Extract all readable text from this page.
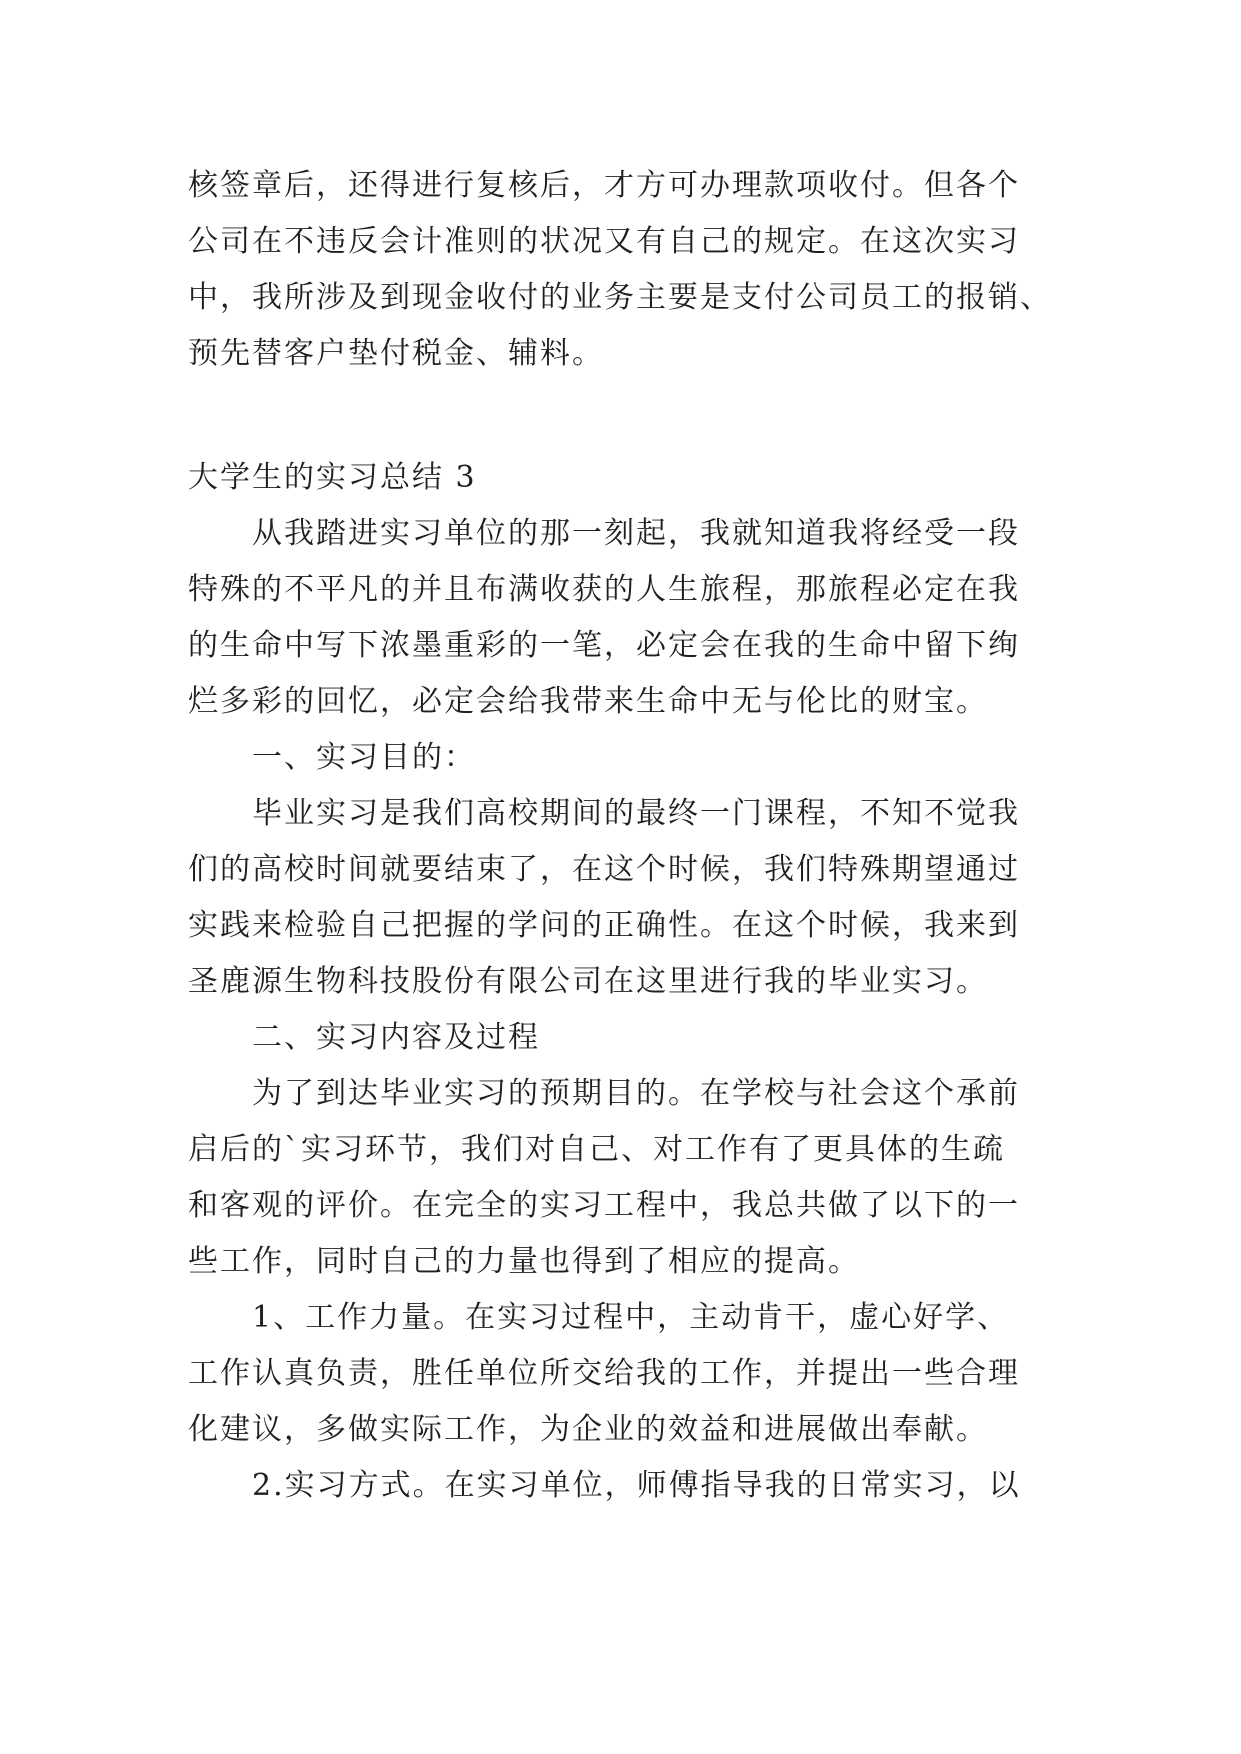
核签章后，还得进行复核后，才方可办理款项收付。但各个
公司在不违反会计准则的状况又有自己的规定。在这次实习
中，我所涉及到现金收付的业务主要是支付公司员工的报销、
预先替客户垫付税金、辅料。
大学生的实习总结 3
从我踏进实习单位的那一刻起，我就知道我将经受一段
特殊的不平凡的并且布满收获的人生旅程，那旅程必定在我
的生命中写下浓墨重彩的一笔，必定会在我的生命中留下绚
烂多彩的回忆，必定会给我带来生命中无与伦比的财宝。
一、实习目的：
毕业实习是我们高校期间的最终一门课程，不知不觉我
们的高校时间就要结束了，在这个时候，我们特殊期望通过
实践来检验自己把握的学问的正确性。在这个时候，我来到
圣鹿源生物科技股份有限公司在这里进行我的毕业实习。
二、实习内容及过程
为了到达毕业实习的预期目的。在学校与社会这个承前
启后的`实习环节，我们对自己、对工作有了更具体的生疏
和客观的评价。在完全的实习工程中，我总共做了以下的一
些工作，同时自己的力量也得到了相应的提高。
1、工作力量。在实习过程中，主动肯干，虚心好学、
工作认真负责，胜任单位所交给我的工作，并提出一些合理
化建议，多做实际工作，为企业的效益和进展做出奉献。
2.实习方式。在实习单位，师傅指导我的日常实习，以
